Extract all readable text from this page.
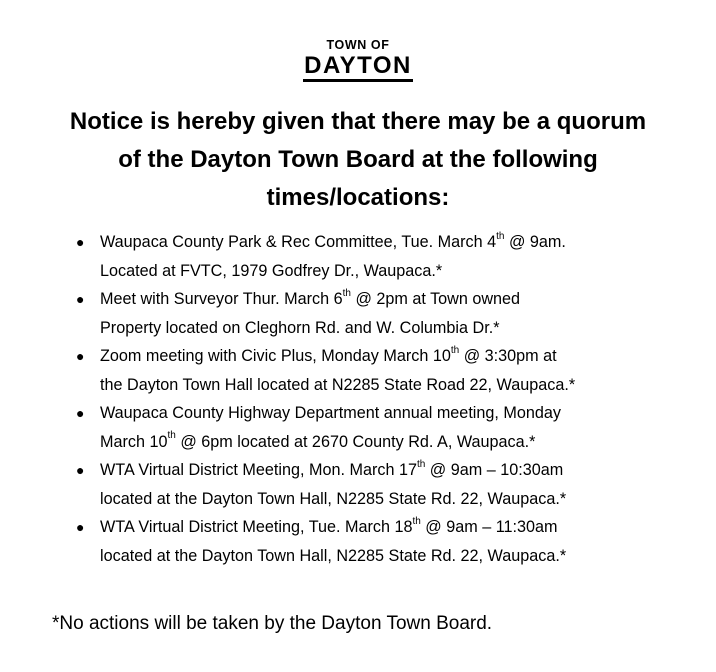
TOWN OF
DAYTON
Notice is hereby given that there may be a quorum
of the Dayton Town Board at the following
times/locations:
● Waupaca County Park & Rec Committee, Tue. March 4th @ 9am.
Located at FVTC, 1979 Godfrey Dr., Waupaca.*
● Meet with Surveyor Thur. March 6th @ 2pm at Town owned
Property located on Cleghorn Rd. and W. Columbia Dr.*
● Zoom meeting with Civic Plus, Monday March 10th @ 3:30pm at
the Dayton Town Hall located at N2285 State Road 22, Waupaca.*
● Waupaca County Highway Department annual meeting, Monday
March 10th @ 6pm located at 2670 County Rd. A, Waupaca.*
● WTA Virtual District Meeting, Mon. March 17th @ 9am – 10:30am
located at the Dayton Town Hall, N2285 State Rd. 22, Waupaca.*
● WTA Virtual District Meeting, Tue. March 18th @ 9am – 11:30am
located at the Dayton Town Hall, N2285 State Rd. 22, Waupaca.*
*No actions will be taken by the Dayton Town Board.
